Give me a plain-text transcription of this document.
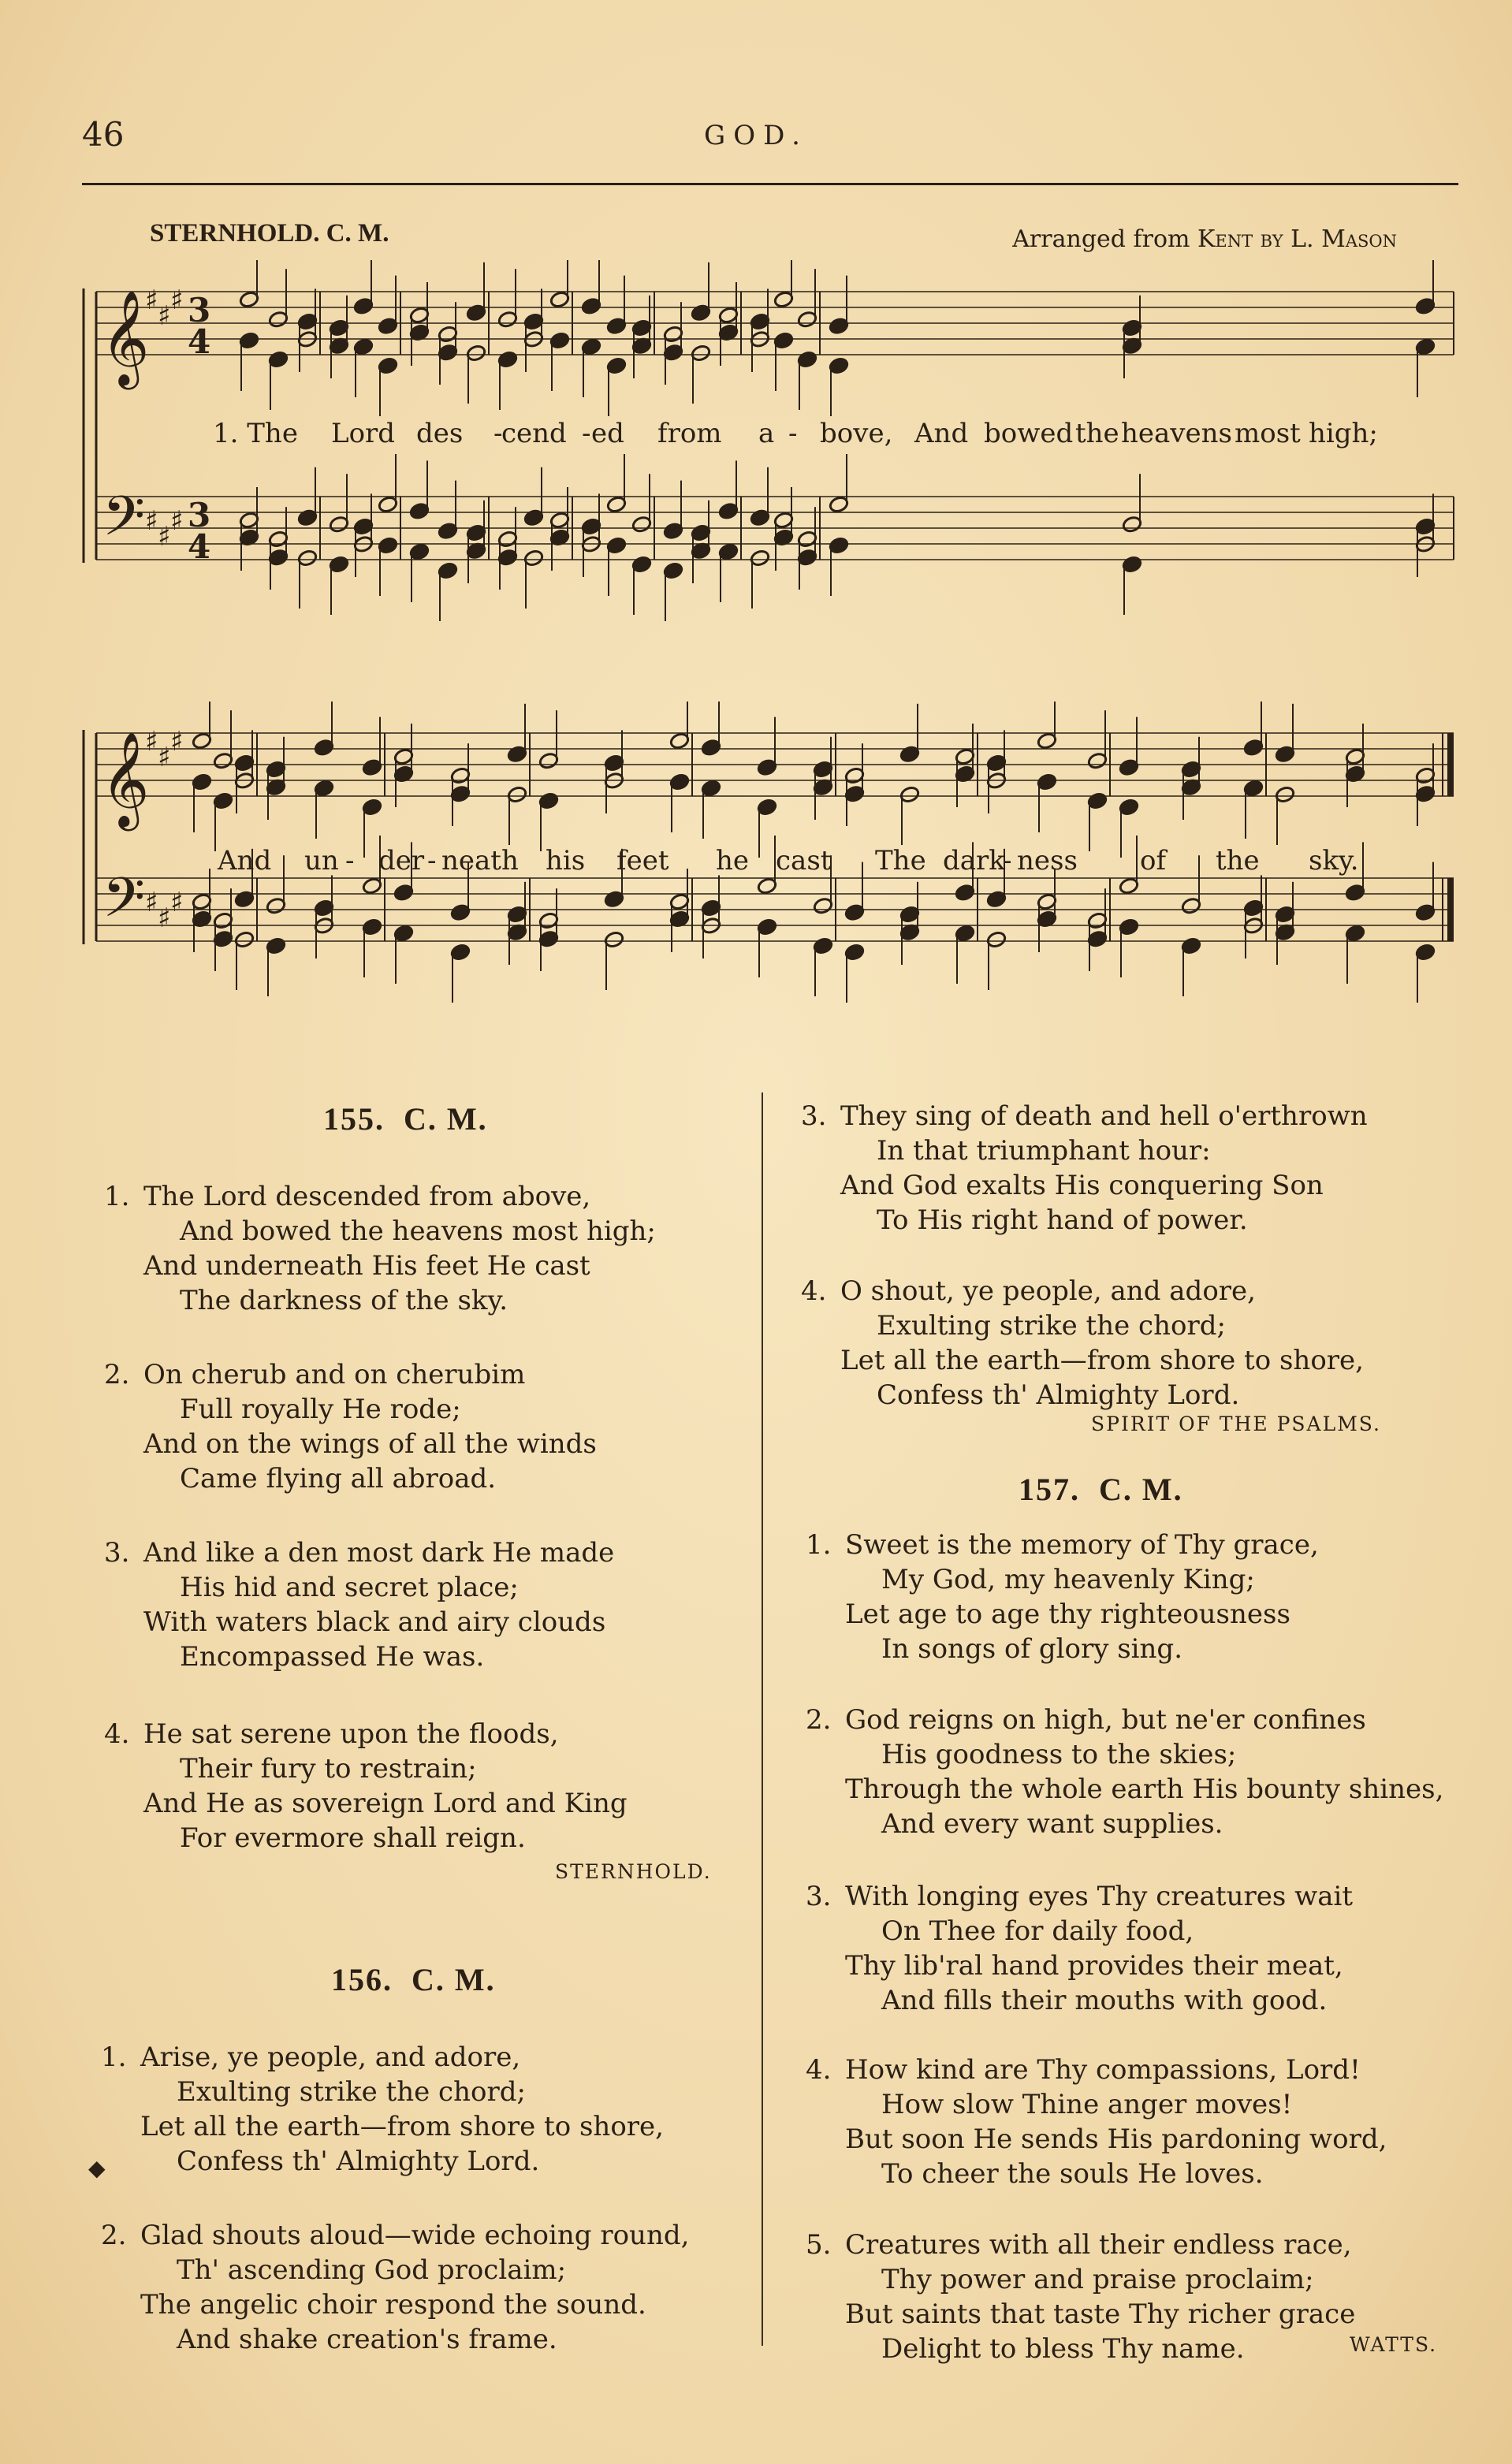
46	GOD.
STERNHOLD. C. M.	Arranged from Kent by L. Mason
𝄞
♯ ♯ ♯ 3
4
𝄢 ♯ ♯ ♯ 3
4
1. The Lord des -
cend - ed from a - bove, And bowed the heavens most high;
𝄞
♯ ♯ ♯
𝄢 ♯ ♯ ♯
And un - der - neath his feet he cast The dark
- ness of the sky.
155. C. M.
1. The Lord descended from above,
And bowed the heavens most high;
And underneath His feet He cast
The darkness of the sky.
2. On cherub and on cherubim
Full royally He rode;
And on the wings of all the winds
Came flying all abroad.
3. And like a den most dark He made
His hid and secret place;
With waters black and airy clouds
Encompassed He was.
4. He sat serene upon the floods,
Their fury to restrain;
And He as sovereign Lord and King
For evermore shall reign.
STERNHOLD.
156. C. M.
1. Arise, ye people, and adore,
Exulting strike the chord;
Let all the earth—from shore to shore,
Confess th' Almighty Lord.
2. Glad shouts aloud—wide echoing round,
Th' ascending God proclaim;
The angelic choir respond the sound.
And shake creation's frame.
3. They sing of death and hell o'erthrown
In that triumphant hour:
And God exalts His conquering Son
To His right hand of power.
4. O shout, ye people, and adore,
Exulting strike the chord;
Let all the earth—from shore to shore,
Confess th' Almighty Lord.
SPIRIT OF THE PSALMS.
◆
157. C. M.
1. Sweet is the memory of Thy grace,
My God, my heavenly King;
Let age to age thy righteousness
In songs of glory sing.
2. God reigns on high, but ne'er confines
His goodness to the skies;
Through the whole earth His bounty shines,
And every want supplies.
3. With longing eyes Thy creatures wait
On Thee for daily food,
Thy lib'ral hand provides their meat,
And fills their mouths with good.
4. How kind are Thy compassions, Lord!
How slow Thine anger moves!
But soon He sends His pardoning word,
To cheer the souls He loves.
5. Creatures with all their endless race,
Thy power and praise proclaim;
But saints that taste Thy richer grace
Delight to bless Thy name.	WATTS.
